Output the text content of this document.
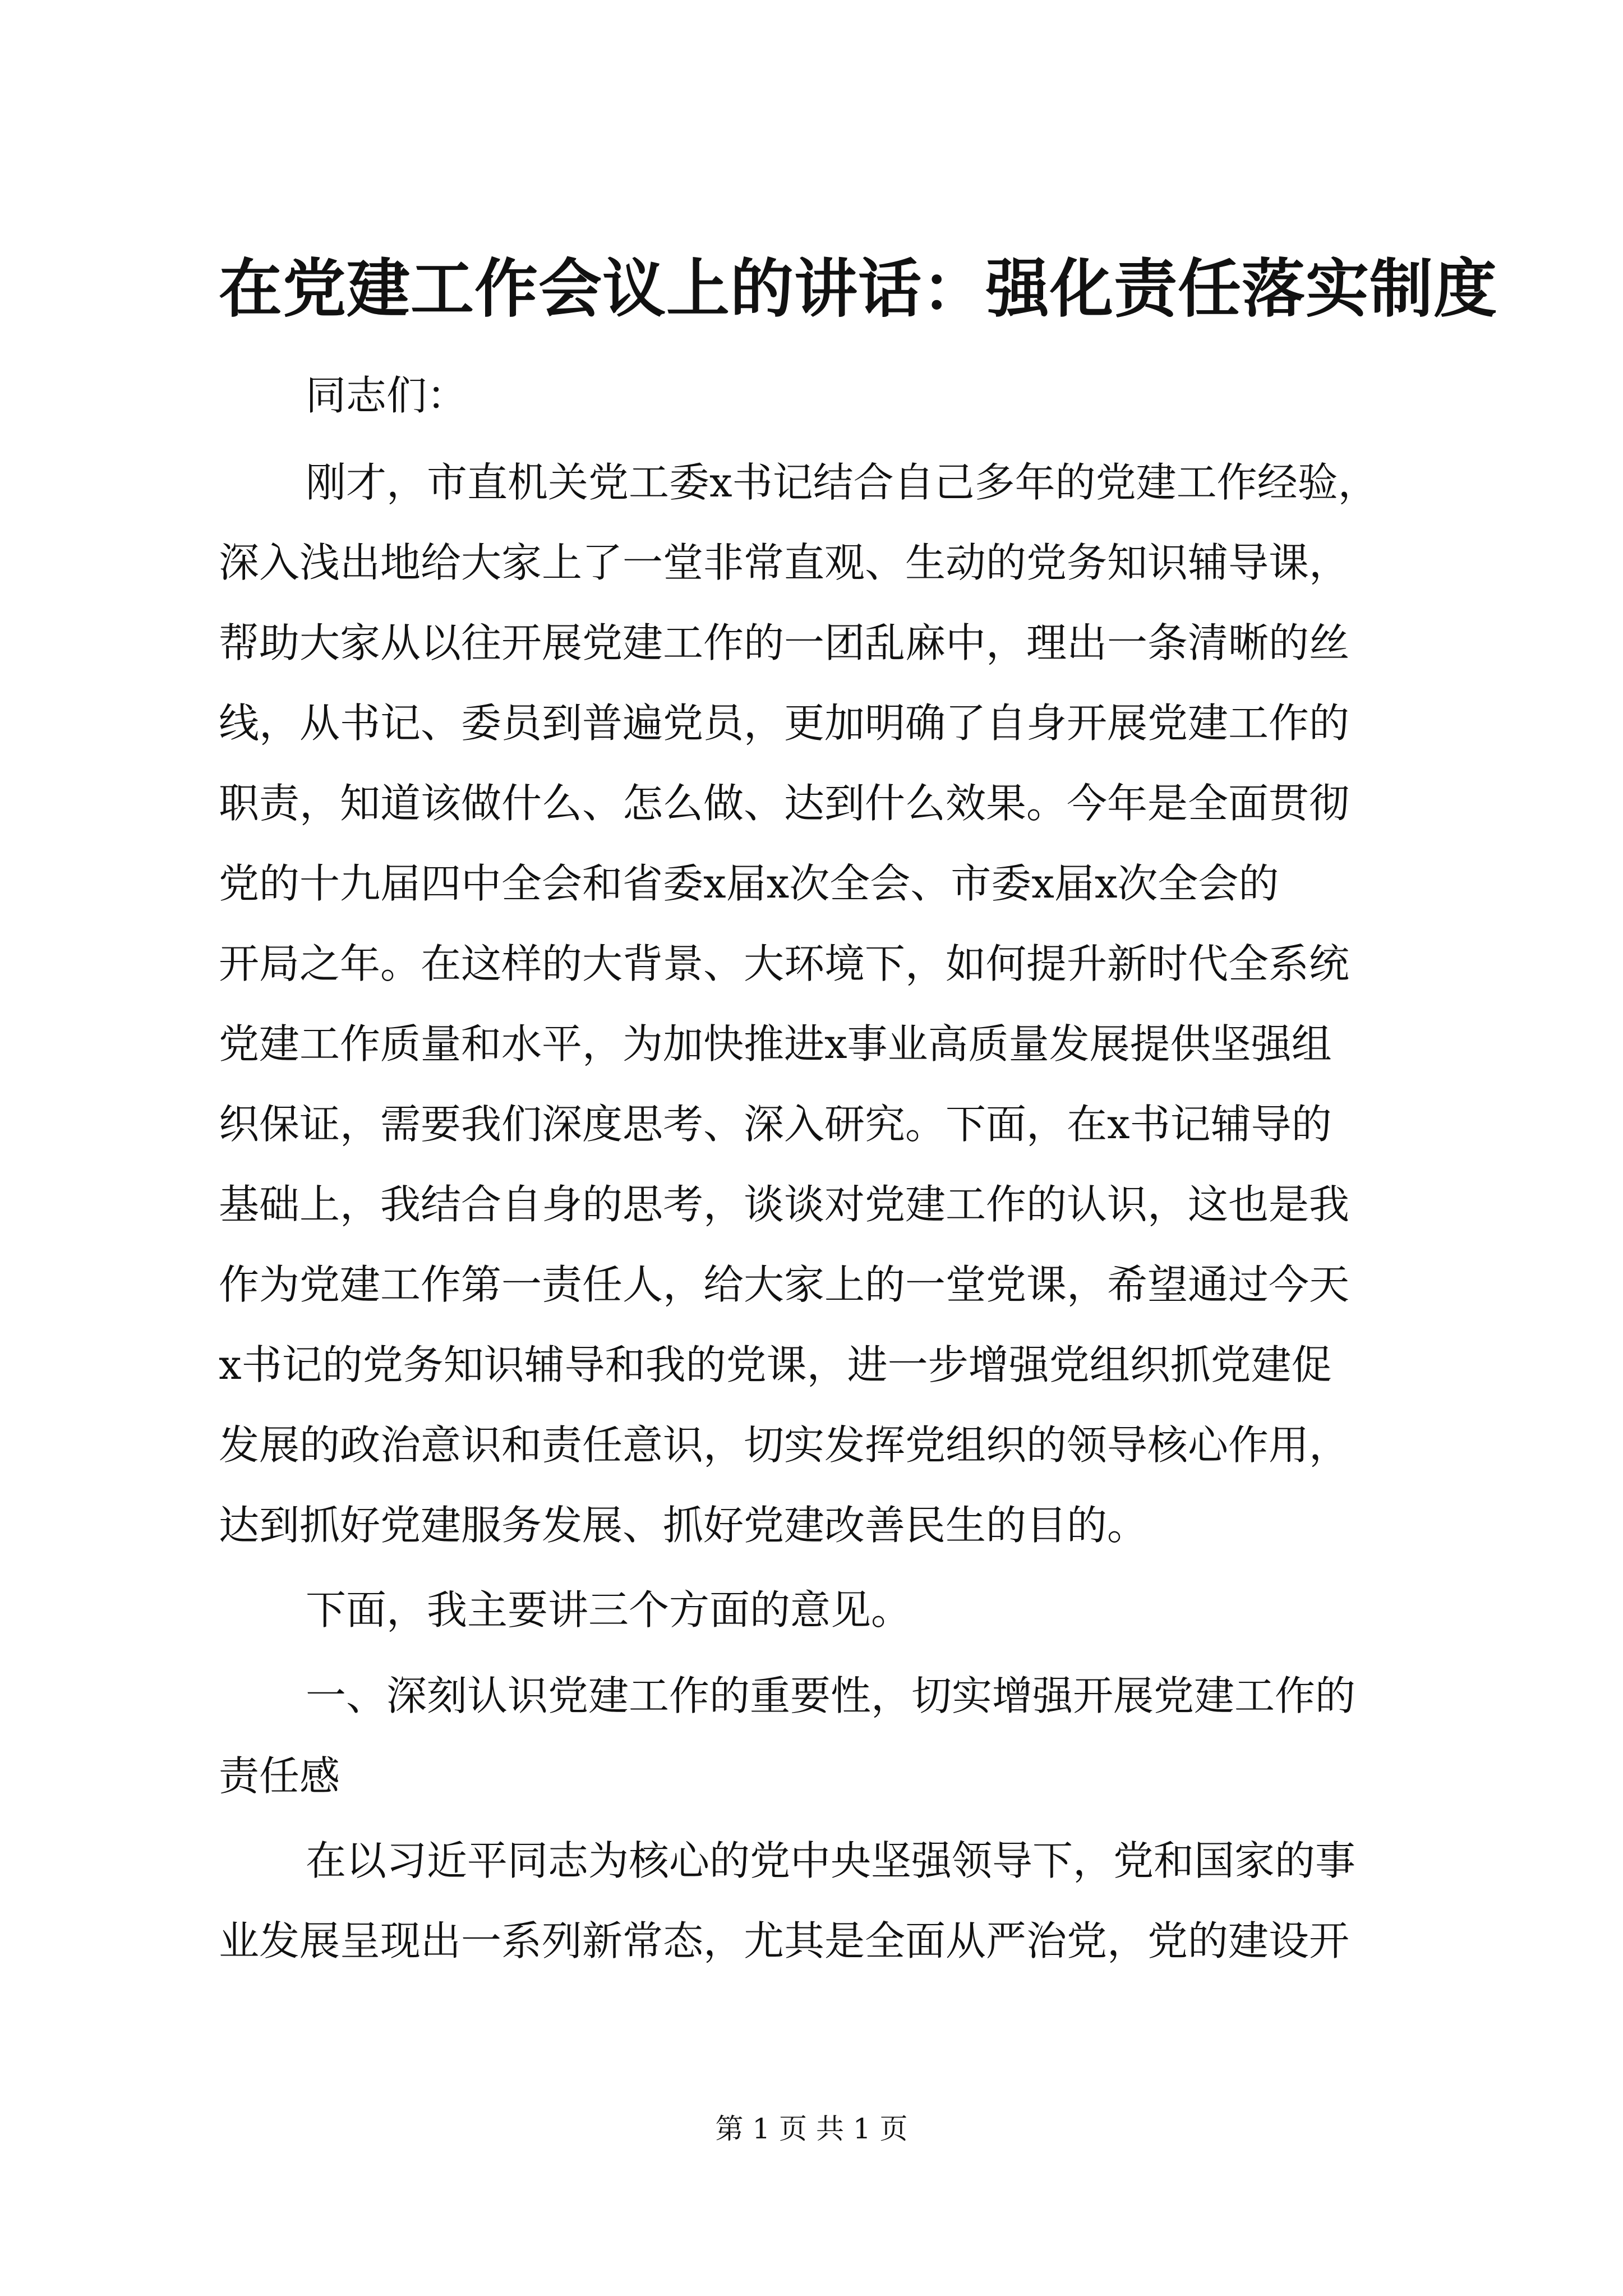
在党建工作会议上的讲话：强化责任落实制度
同志们：
刚才，市直机关党工委x书记结合自己多年的党建工作经验，
深入浅出地给大家上了一堂非常直观、生动的党务知识辅导课，
帮助大家从以往开展党建工作的一团乱麻中，理出一条清晰的丝
线，从书记、委员到普遍党员，更加明确了自身开展党建工作的
职责，知道该做什么、怎么做、达到什么效果。今年是全面贯彻
党的十九届四中全会和省委x届x次全会、市委x届x次全会的
开局之年。在这样的大背景、大环境下，如何提升新时代全系统
党建工作质量和水平，为加快推进x事业高质量发展提供坚强组
织保证，需要我们深度思考、深入研究。下面，在x书记辅导的
基础上，我结合自身的思考，谈谈对党建工作的认识，这也是我
作为党建工作第一责任人，给大家上的一堂党课，希望通过今天
x书记的党务知识辅导和我的党课，进一步增强党组织抓党建促
发展的政治意识和责任意识，切实发挥党组织的领导核心作用，
达到抓好党建服务发展、抓好党建改善民生的目的。
下面，我主要讲三个方面的意见。
一、深刻认识党建工作的重要性，切实增强开展党建工作的
责任感
在以习近平同志为核心的党中央坚强领导下，党和国家的事
业发展呈现出一系列新常态，尤其是全面从严治党，党的建设开
第 1 页 共 1 页
